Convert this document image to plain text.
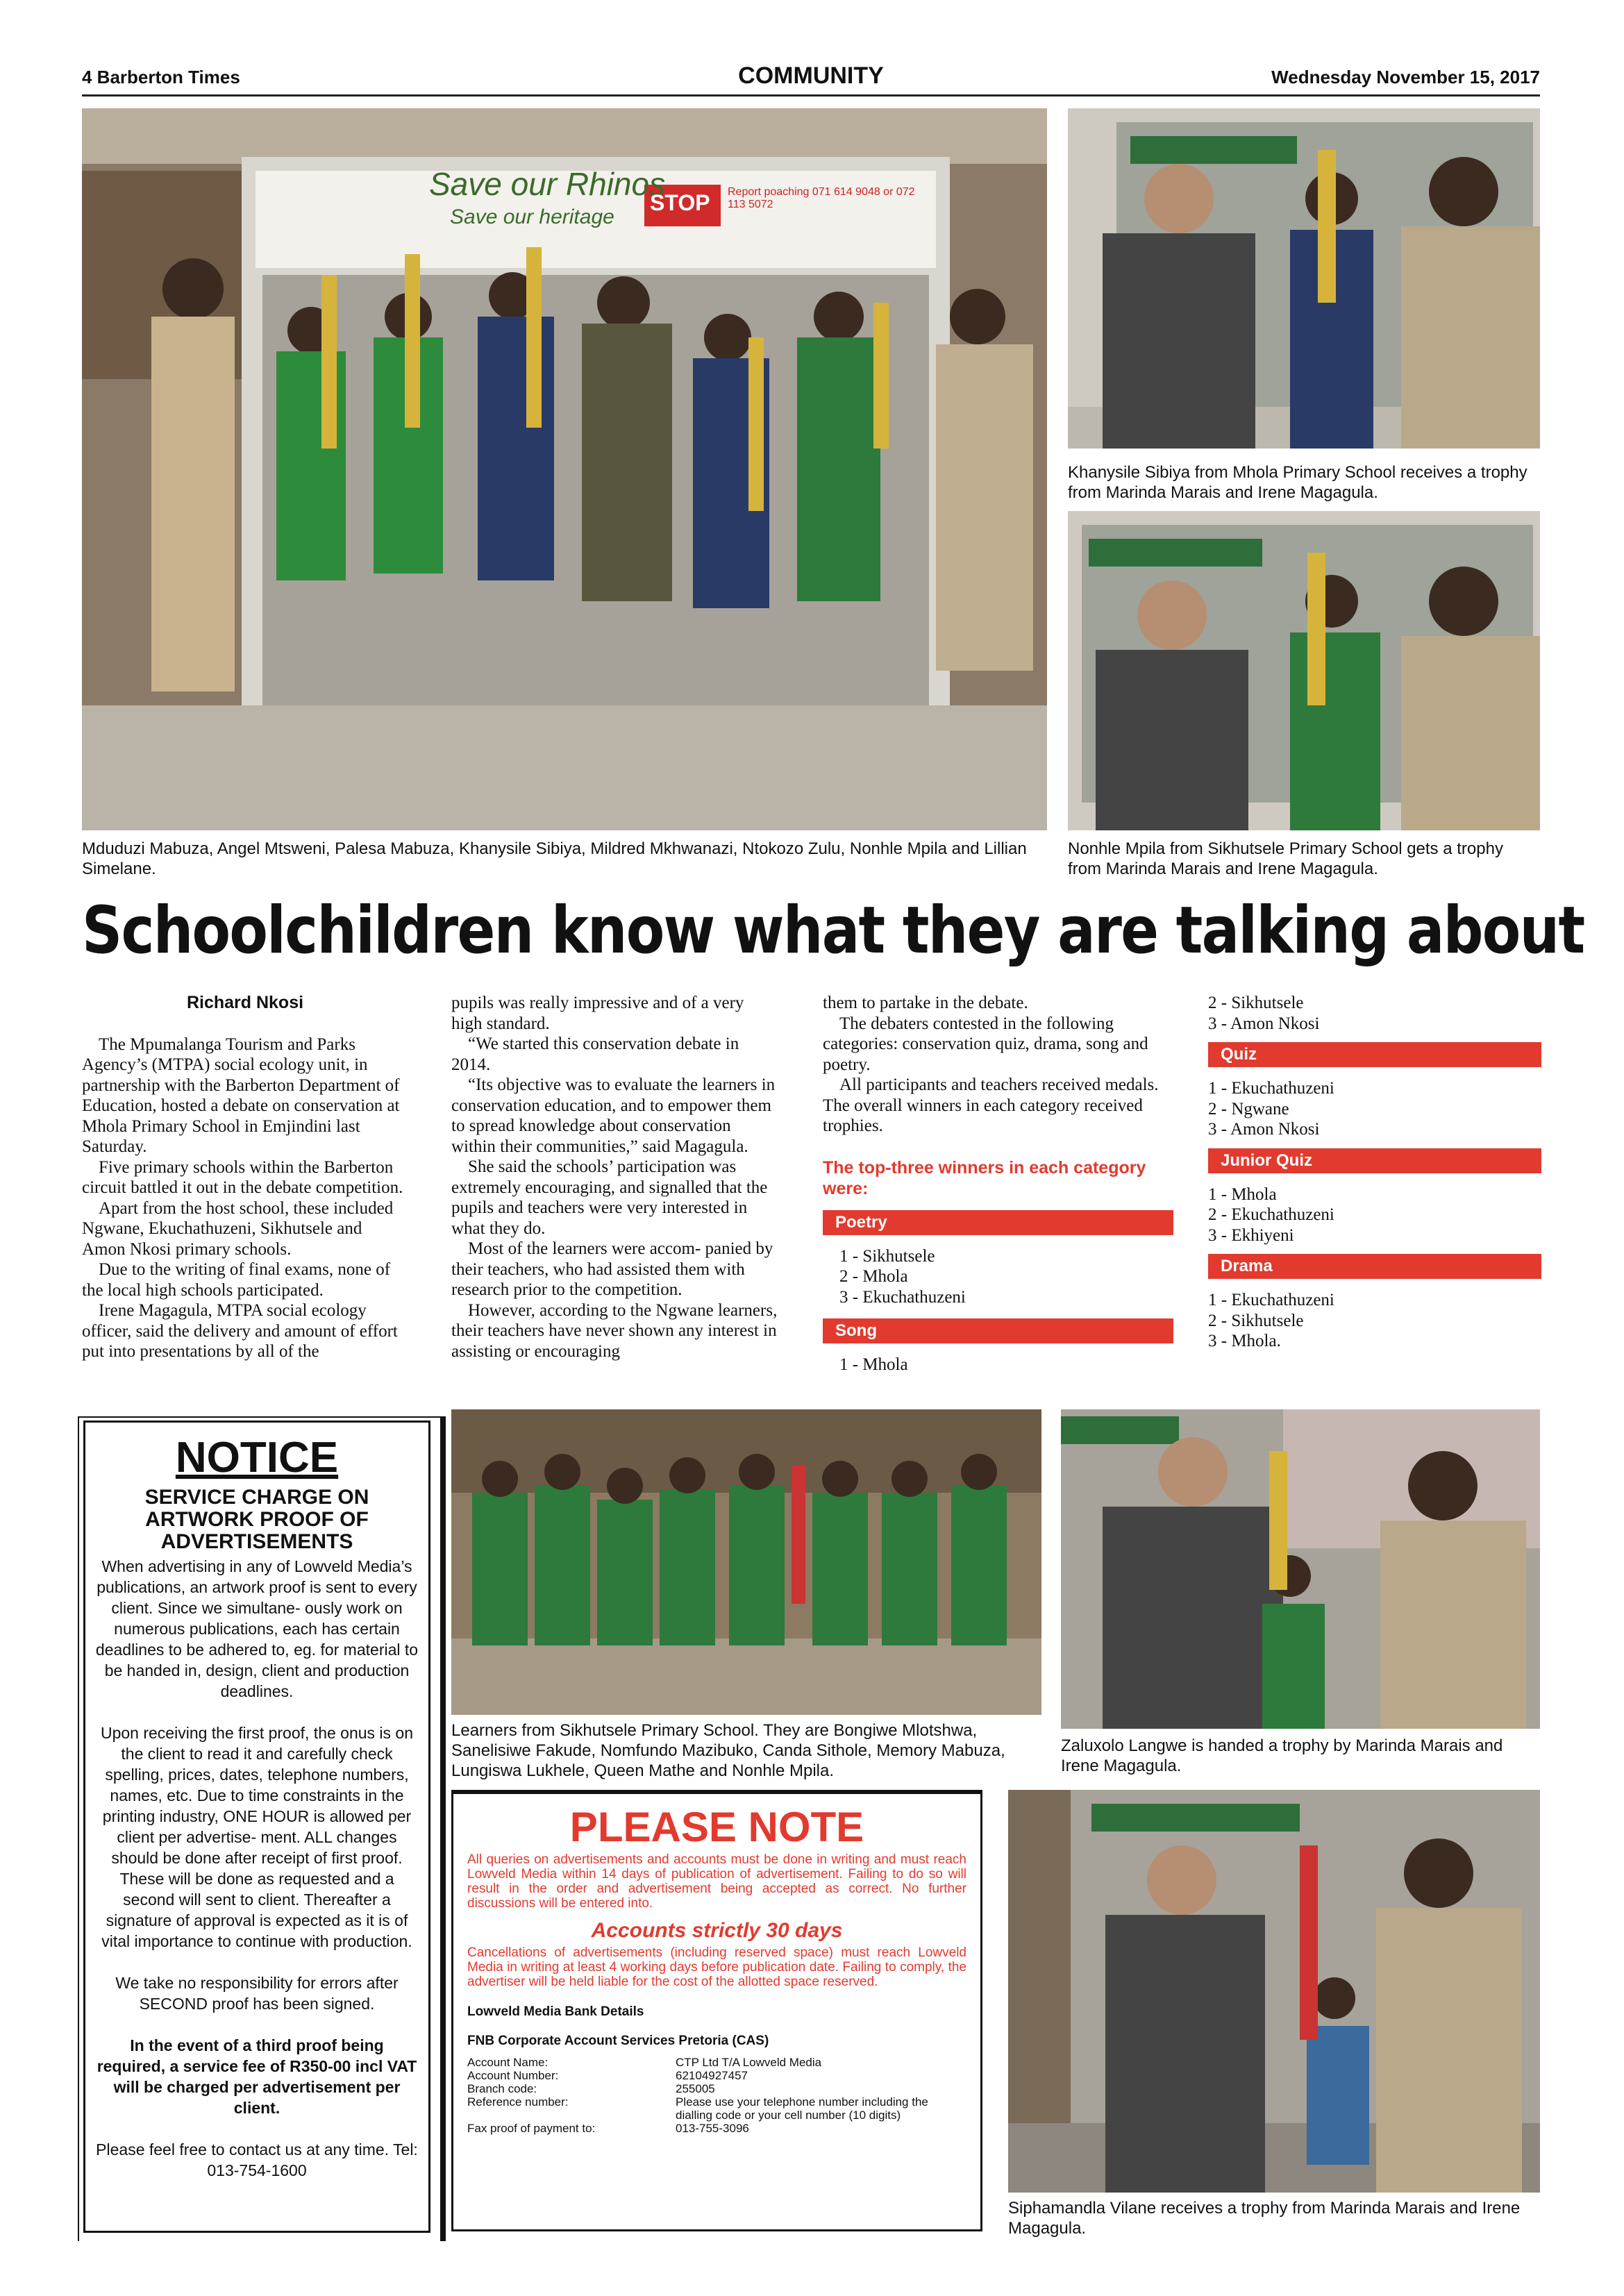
4 Barberton Times	COMMUNITY	Wednesday November 15, 2017
Save our Rhinos
Save our heritage
STOP Report poaching 071 614 9048 or 072 113 5072
Mduduzi Mabuza, Angel Mtsweni, Palesa Mabuza, Khanysile Sibiya, Mildred Mkhwanazi, Ntokozo Zulu, Nonhle Mpila and Lillian Simelane.
Khanysile Sibiya from Mhola Primary School receives a trophy from Marinda Marais and Irene Magagula.
Nonhle Mpila from Sikhutsele Primary School gets a trophy from Marinda Marais and Irene Magagula.
Schoolchildren know what they are talking about
Richard Nkosi

The Mpumalanga Tourism and Parks Agency’s (MTPA) social ecology unit, in partnership with the Barberton Department of Education, hosted a debate on conservation at Mhola Primary School in Emjindini last Saturday.

Five primary schools within the Barberton circuit battled it out in the debate competition.

Apart from the host school, these included Ngwane, Ekuchathuzeni, Sikhutsele and Amon Nkosi primary schools.

Due to the writing of final exams, none of the local high schools participated.

Irene Magagula, MTPA social ecology officer, said the delivery and amount of effort put into presentations by all of the

pupils was really impressive and of a very high standard.

“We started this conservation debate in 2014.

“Its objective was to evaluate the learners in conservation education, and to empower them to spread knowledge about conservation within their communities,” said Magagula.

She said the schools’ participation was extremely encouraging, and signalled that the pupils and teachers were very interested in what they do.

Most of the learners were accom- panied by their teachers, who had assisted them with research prior to the competition.

However, according to the Ngwane learners, their teachers have never shown any interest in assisting or encouraging

them to partake in the debate.

The debaters contested in the following categories: conservation quiz, drama, song and poetry.

All participants and teachers received medals. The overall winners in each category received trophies.

The top-three winners in each category were:
Poetry
1 - Sikhutsele
2 - Mhola
3 - Ekuchathuzeni
Song
1 - Mhola
2 - Sikhutsele
3 - Amon Nkosi
Quiz
1 - Ekuchathuzeni
2 - Ngwane
3 - Amon Nkosi
Junior Quiz
1 - Mhola
2 - Ekuchathuzeni
3 - Ekhiyeni
Drama
1 - Ekuchathuzeni
2 - Sikhutsele
3 - Mhola.
NOTICE
SERVICE CHARGE ON ARTWORK PROOF OF ADVERTISEMENTS

When advertising in any of Lowveld Media’s publications, an artwork proof is sent to every client. Since we simultane- ously work on numerous publications, each has certain deadlines to be adhered to, eg. for material to be handed in, design, client and production deadlines.

Upon receiving the first proof, the onus is on the client to read it and carefully check spelling, prices, dates, telephone numbers, names, etc. Due to time constraints in the printing industry, ONE HOUR is allowed per client per advertise- ment. ALL changes should be done after receipt of first proof. These will be done as requested and a second will sent to client. Thereafter a signature of approval is expected as it is of vital importance to continue with production.

We take no responsibility for errors after SECOND proof has been signed.

In the event of a third proof being required, a service fee of R350-00 incl VAT will be charged per advertisement per client.

Please feel free to contact us at any time. Tel: 013-754-1600

Learners from Sikhutsele Primary School. They are Bongiwe Mlotshwa, Sanelisiwe Fakude, Nomfundo Mazibuko, Canda Sithole, Memory Mabuza, Lungiswa Lukhele, Queen Mathe and Nonhle Mpila.
Zaluxolo Langwe is handed a trophy by Marinda Marais and Irene Magagula.
PLEASE NOTE
All queries on advertisements and accounts must be done in writing and must reach Lowveld Media within 14 days of publication of advertisement. Failing to do so will result in the order and advertisement being accepted as correct. No further discussions will be entered into.
Accounts strictly 30 days
Cancellations of advertisements (including reserved space) must reach Lowveld Media in writing at least 4 working days before publication date. Failing to comply, the advertiser will be held liable for the cost of the allotted space reserved.
Lowveld Media Bank Details
FNB Corporate Account Services Pretoria (CAS)
Account Name:	CTP Ltd T/A Lowveld Media
Account Number:	62104927457
Branch code:	255005
Reference number:	Please use your telephone number including the dialling code or your cell number (10 digits)
Fax proof of payment to:	013-755-3096
Siphamandla Vilane receives a trophy from Marinda Marais and Irene Magagula.
